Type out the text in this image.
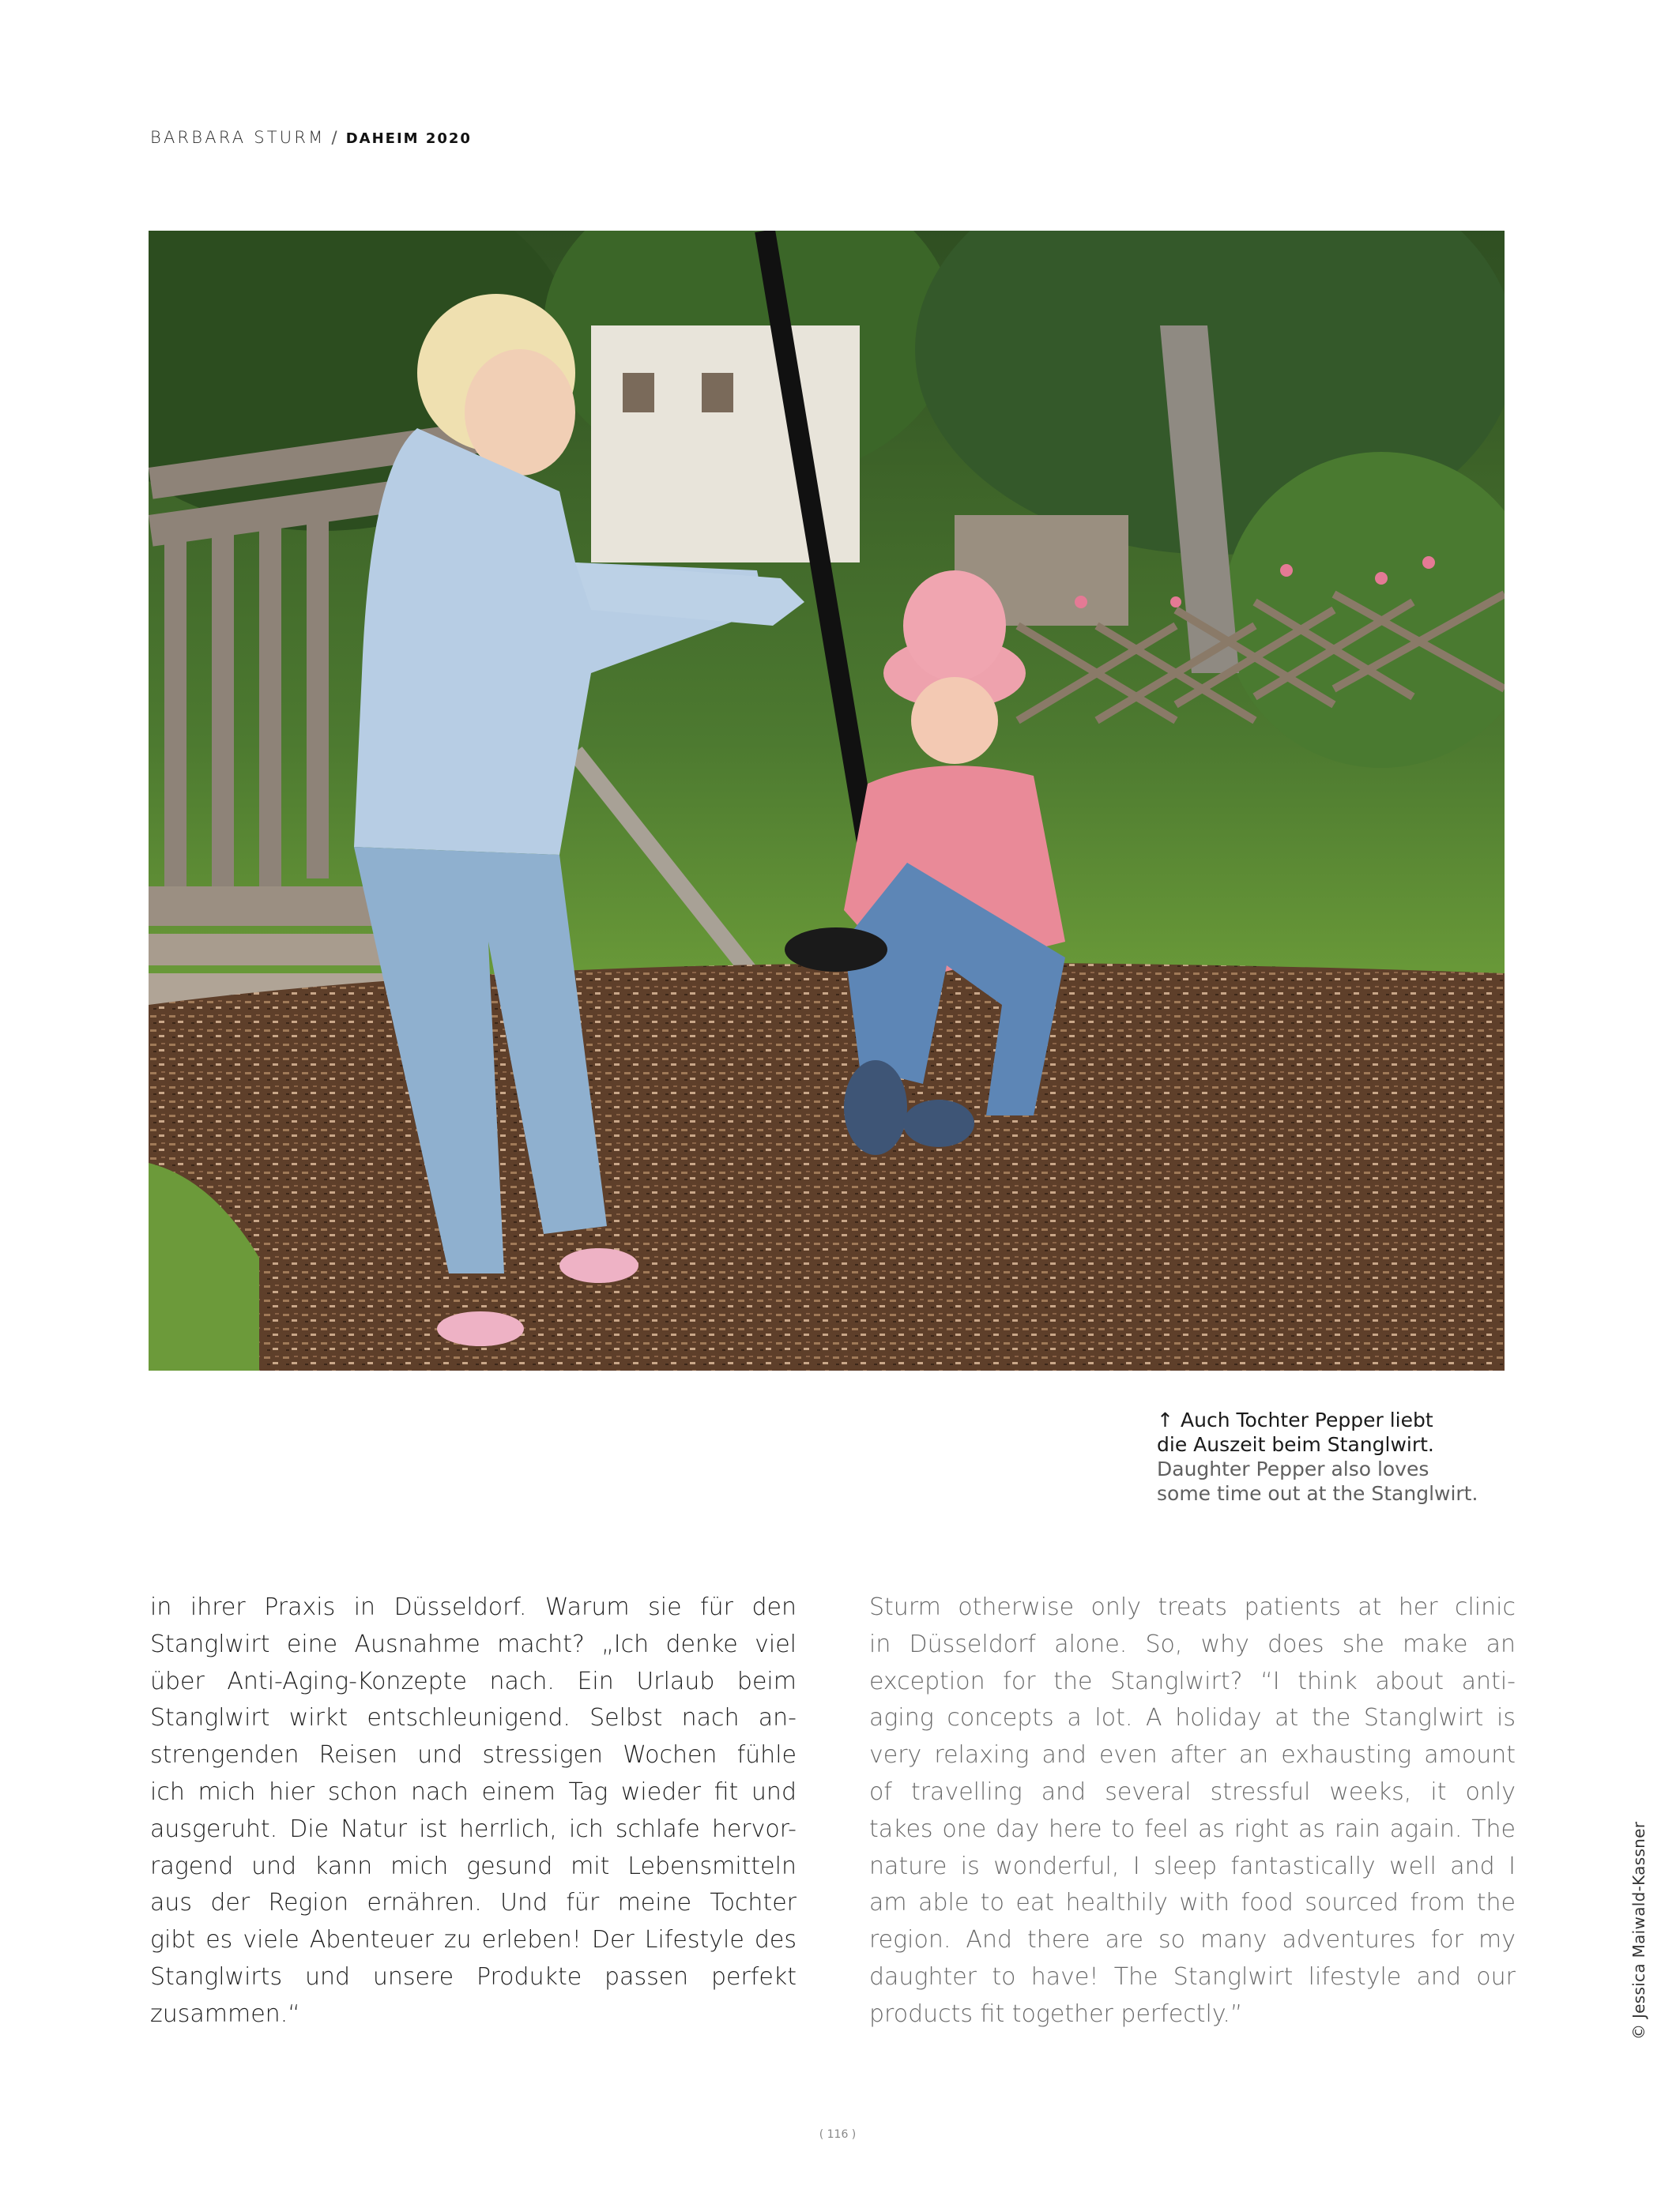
BARBARA STURM / DAHEIM 2020
↑ Auch Tochter Pepper liebt
die Auszeit beim Stanglwirt.
Daughter Pepper also loves
some time out at the Stanglwirt.
in ihrer Praxis in Düsseldorf. Warum sie für den
Stanglwirt eine Ausnahme macht? „Ich denke viel
über Anti-Aging-Konzepte nach. Ein Urlaub beim
Stanglwirt wirkt entschleunigend. Selbst nach an-
strengenden Reisen und stressigen Wochen fühle
ich mich hier schon nach einem Tag wieder fit und
ausgeruht. Die Natur ist herrlich, ich schlafe hervor-
ragend und kann mich gesund mit Lebensmitteln
aus der Region ernähren. Und für meine Tochter
gibt es viele Abenteuer zu erleben! Der Lifestyle des
Stanglwirts und unsere Produkte passen perfekt
zusammen.“
Sturm otherwise only treats patients at her clinic
in Düsseldorf alone. So, why does she make an
exception for the Stanglwirt? “I think about anti-
aging concepts a lot. A holiday at the Stanglwirt is
very relaxing and even after an exhausting amount
of travelling and several stressful weeks, it only
takes one day here to feel as right as rain again. The
nature is wonderful, I sleep fantastically well and I
am able to eat healthily with food sourced from the
region. And there are so many adventures for my
daughter to have! The Stanglwirt lifestyle and our
products fit together perfectly.”	© Jessica Maiwald-Kassner
( 116 )
